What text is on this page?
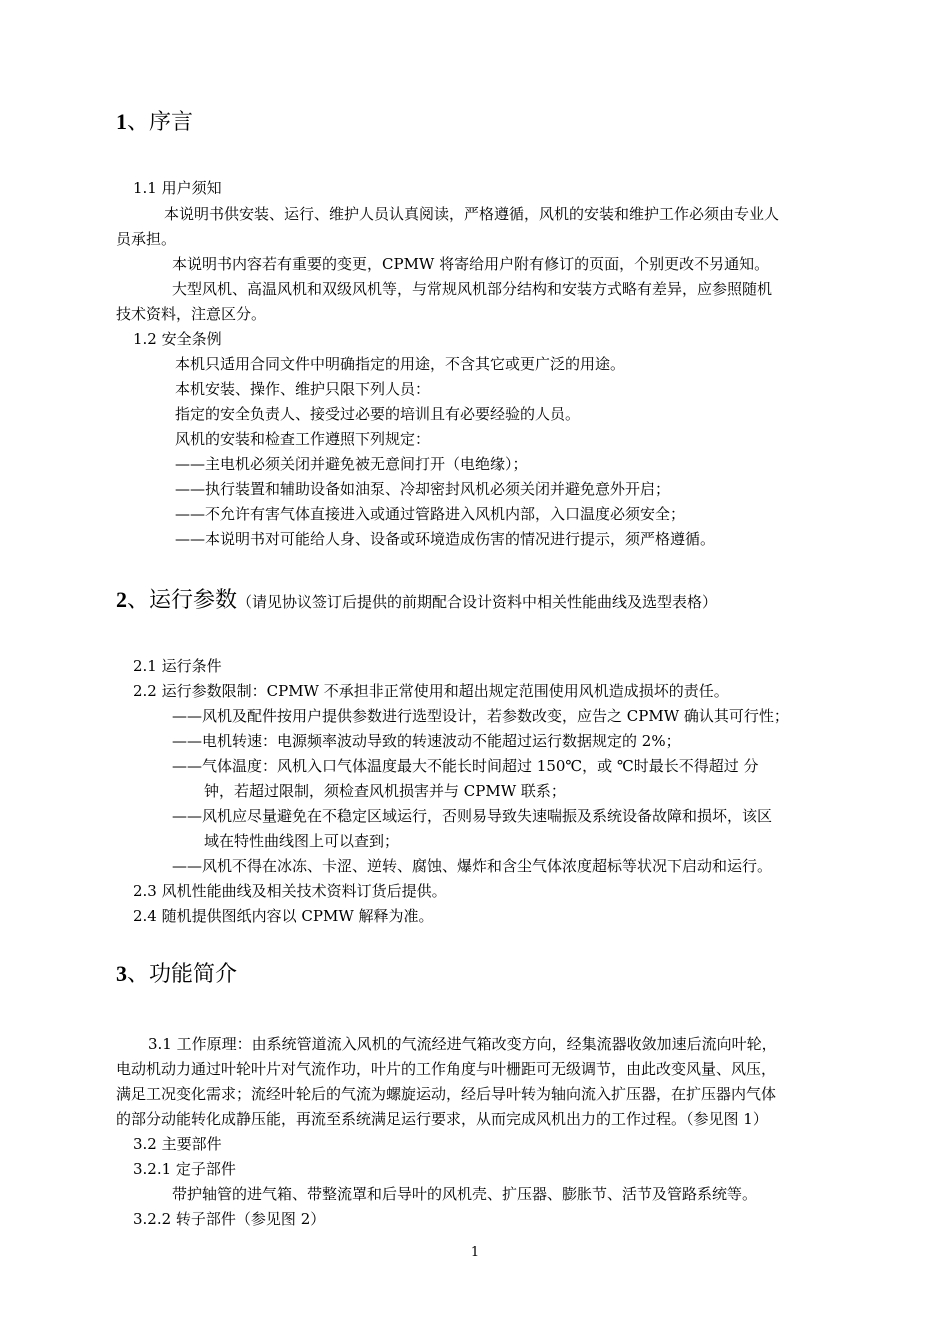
1、序言
1.1 用户须知
本说明书供安装、运行、维护人员认真阅读，严格遵循，风机的安装和维护工作必须由专业人
员承担。
本说明书内容若有重要的变更，CPMW 将寄给用户附有修订的页面，个别更改不另通知。
大型风机、高温风机和双级风机等，与常规风机部分结构和安装方式略有差异，应参照随机
技术资料，注意区分。
1.2 安全条例
本机只适用合同文件中明确指定的用途，不含其它或更广泛的用途。
本机安装、操作、维护只限下列人员：
指定的安全负责人、接受过必要的培训且有必要经验的人员。
风机的安装和检查工作遵照下列规定：
——主电机必须关闭并避免被无意间打开（电绝缘）；
——执行装置和辅助设备如油泵、冷却密封风机必须关闭并避免意外开启；
——不允许有害气体直接进入或通过管路进入风机内部，入口温度必须安全；
——本说明书对可能给人身、设备或环境造成伤害的情况进行提示，须严格遵循。
2、运行参数（请见协议签订后提供的前期配合设计资料中相关性能曲线及选型表格）
2.1 运行条件
2.2 运行参数限制：CPMW 不承担非正常使用和超出规定范围使用风机造成损坏的责任。
——风机及配件按用户提供参数进行选型设计，若参数改变，应告之 CPMW 确认其可行性；
——电机转速：电源频率波动导致的转速波动不能超过运行数据规定的 2%；
——气体温度：风机入口气体温度最大不能长时间超过 150℃，或 ℃时最长不得超过 分
钟，若超过限制，须检查风机损害并与 CPMW 联系；
——风机应尽量避免在不稳定区域运行，否则易导致失速喘振及系统设备故障和损坏，该区
域在特性曲线图上可以查到；
——风机不得在冰冻、卡涩、逆转、腐蚀、爆炸和含尘气体浓度超标等状况下启动和运行。
2.3 风机性能曲线及相关技术资料订货后提供。
2.4 随机提供图纸内容以 CPMW 解释为准。
3、功能简介
3.1 工作原理：由系统管道流入风机的气流经进气箱改变方向，经集流器收敛加速后流向叶轮，
电动机动力通过叶轮叶片对气流作功，叶片的工作角度与叶栅距可无级调节，由此改变风量、风压，
满足工况变化需求；流经叶轮后的气流为螺旋运动，经后导叶转为轴向流入扩压器，在扩压器内气体
的部分动能转化成静压能，再流至系统满足运行要求，从而完成风机出力的工作过程。（参见图 1）
3.2 主要部件
3.2.1 定子部件
带护轴管的进气箱、带整流罩和后导叶的风机壳、扩压器、膨胀节、活节及管路系统等。
3.2.2 转子部件（参见图 2）
1
